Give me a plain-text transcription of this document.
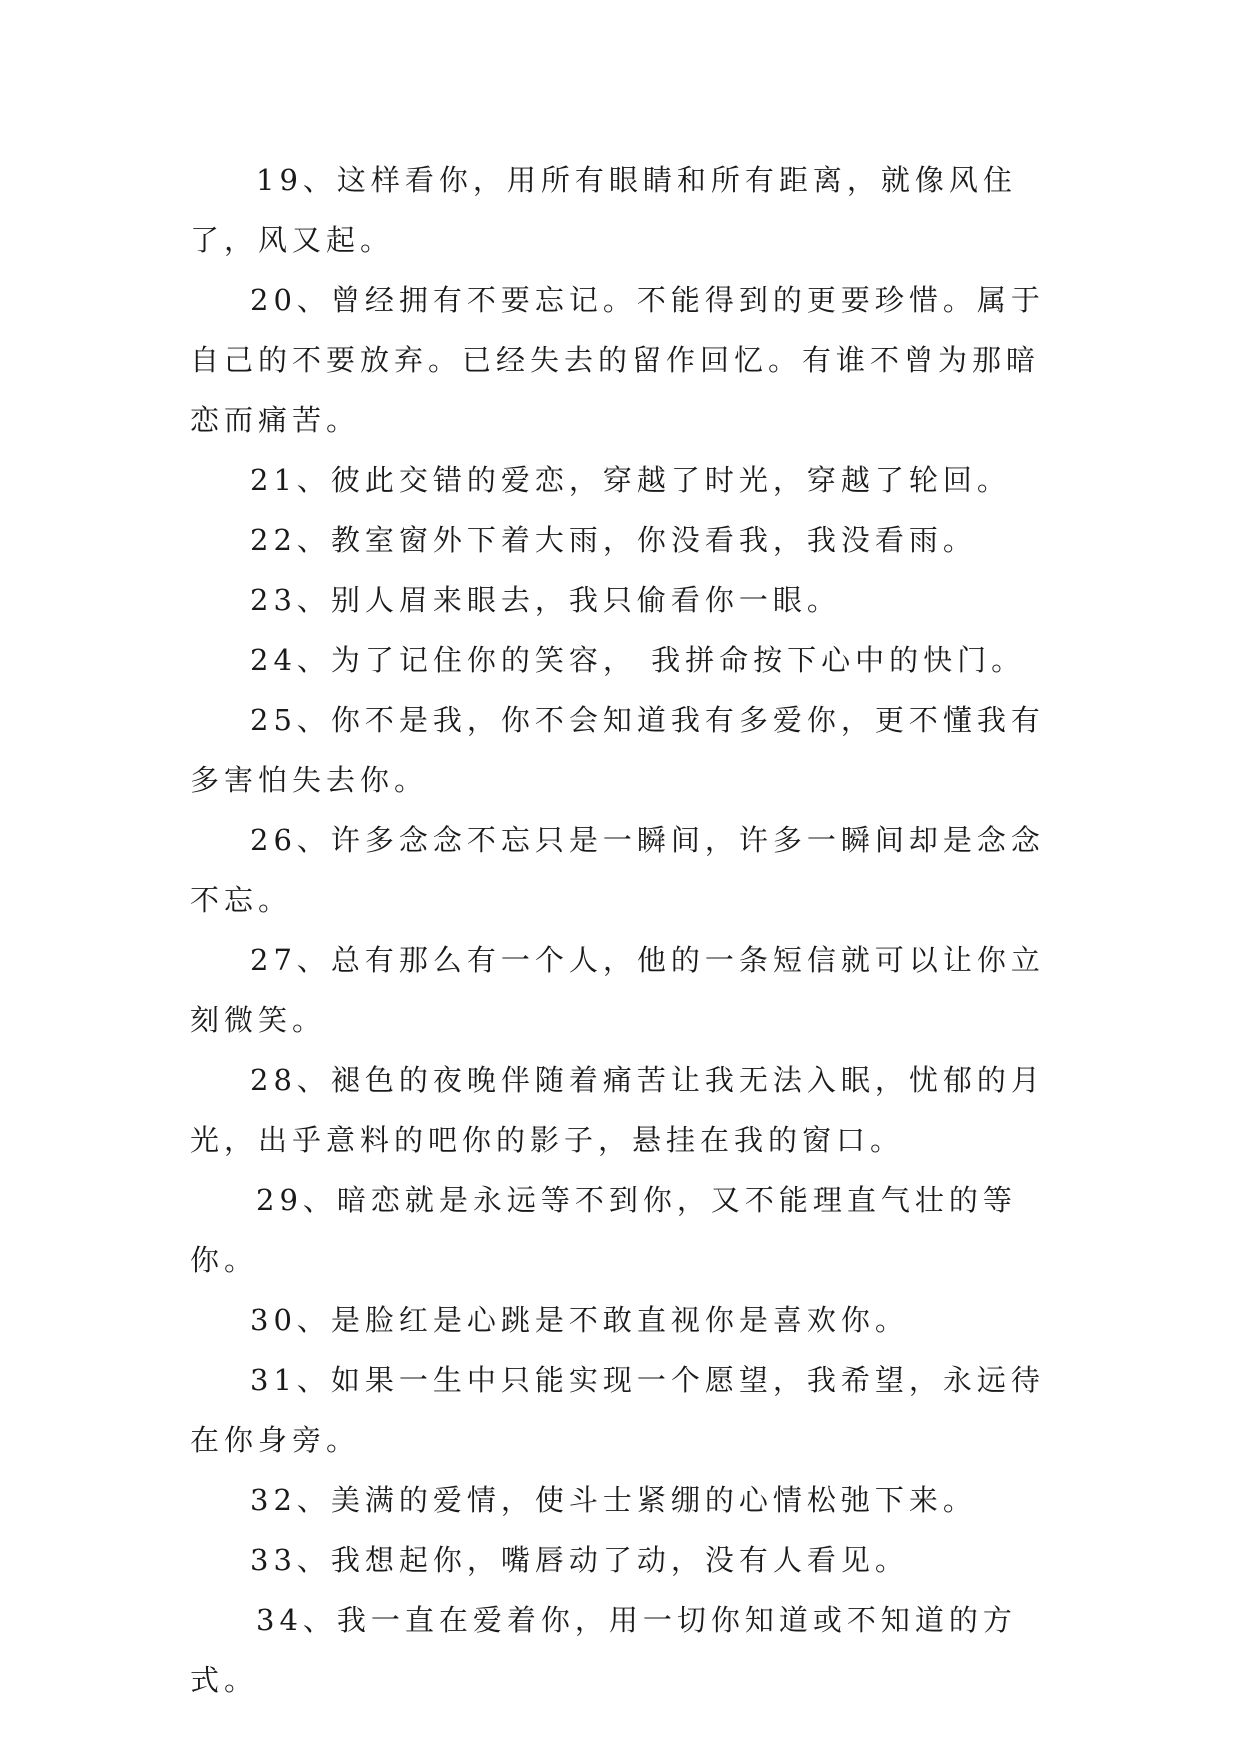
19、这样看你，用所有眼睛和所有距离，就像风住了，风又起。

20、曾经拥有不要忘记。不能得到的更要珍惜。属于自己的不要放弃。已经失去的留作回忆。有谁不曾为那暗恋而痛苦。

21、彼此交错的爱恋，穿越了时光，穿越了轮回。

22、教室窗外下着大雨，你没看我，我没看雨。

23、别人眉来眼去，我只偷看你一眼。

24、为了记住你的笑容， 我拼命按下心中的快门。

25、你不是我，你不会知道我有多爱你，更不懂我有多害怕失去你。

26、许多念念不忘只是一瞬间，许多一瞬间却是念念不忘。

27、总有那么有一个人，他的一条短信就可以让你立刻微笑。

28、褪色的夜晚伴随着痛苦让我无法入眠，忧郁的月光，出乎意料的吧你的影子，悬挂在我的窗口。

29、暗恋就是永远等不到你，又不能理直气壮的等你。

30、是脸红是心跳是不敢直视你是喜欢你。

31、如果一生中只能实现一个愿望，我希望，永远待在你身旁。

32、美满的爱情，使斗士紧绷的心情松弛下来。

33、我想起你，嘴唇动了动，没有人看见。

34、我一直在爱着你，用一切你知道或不知道的方式。
